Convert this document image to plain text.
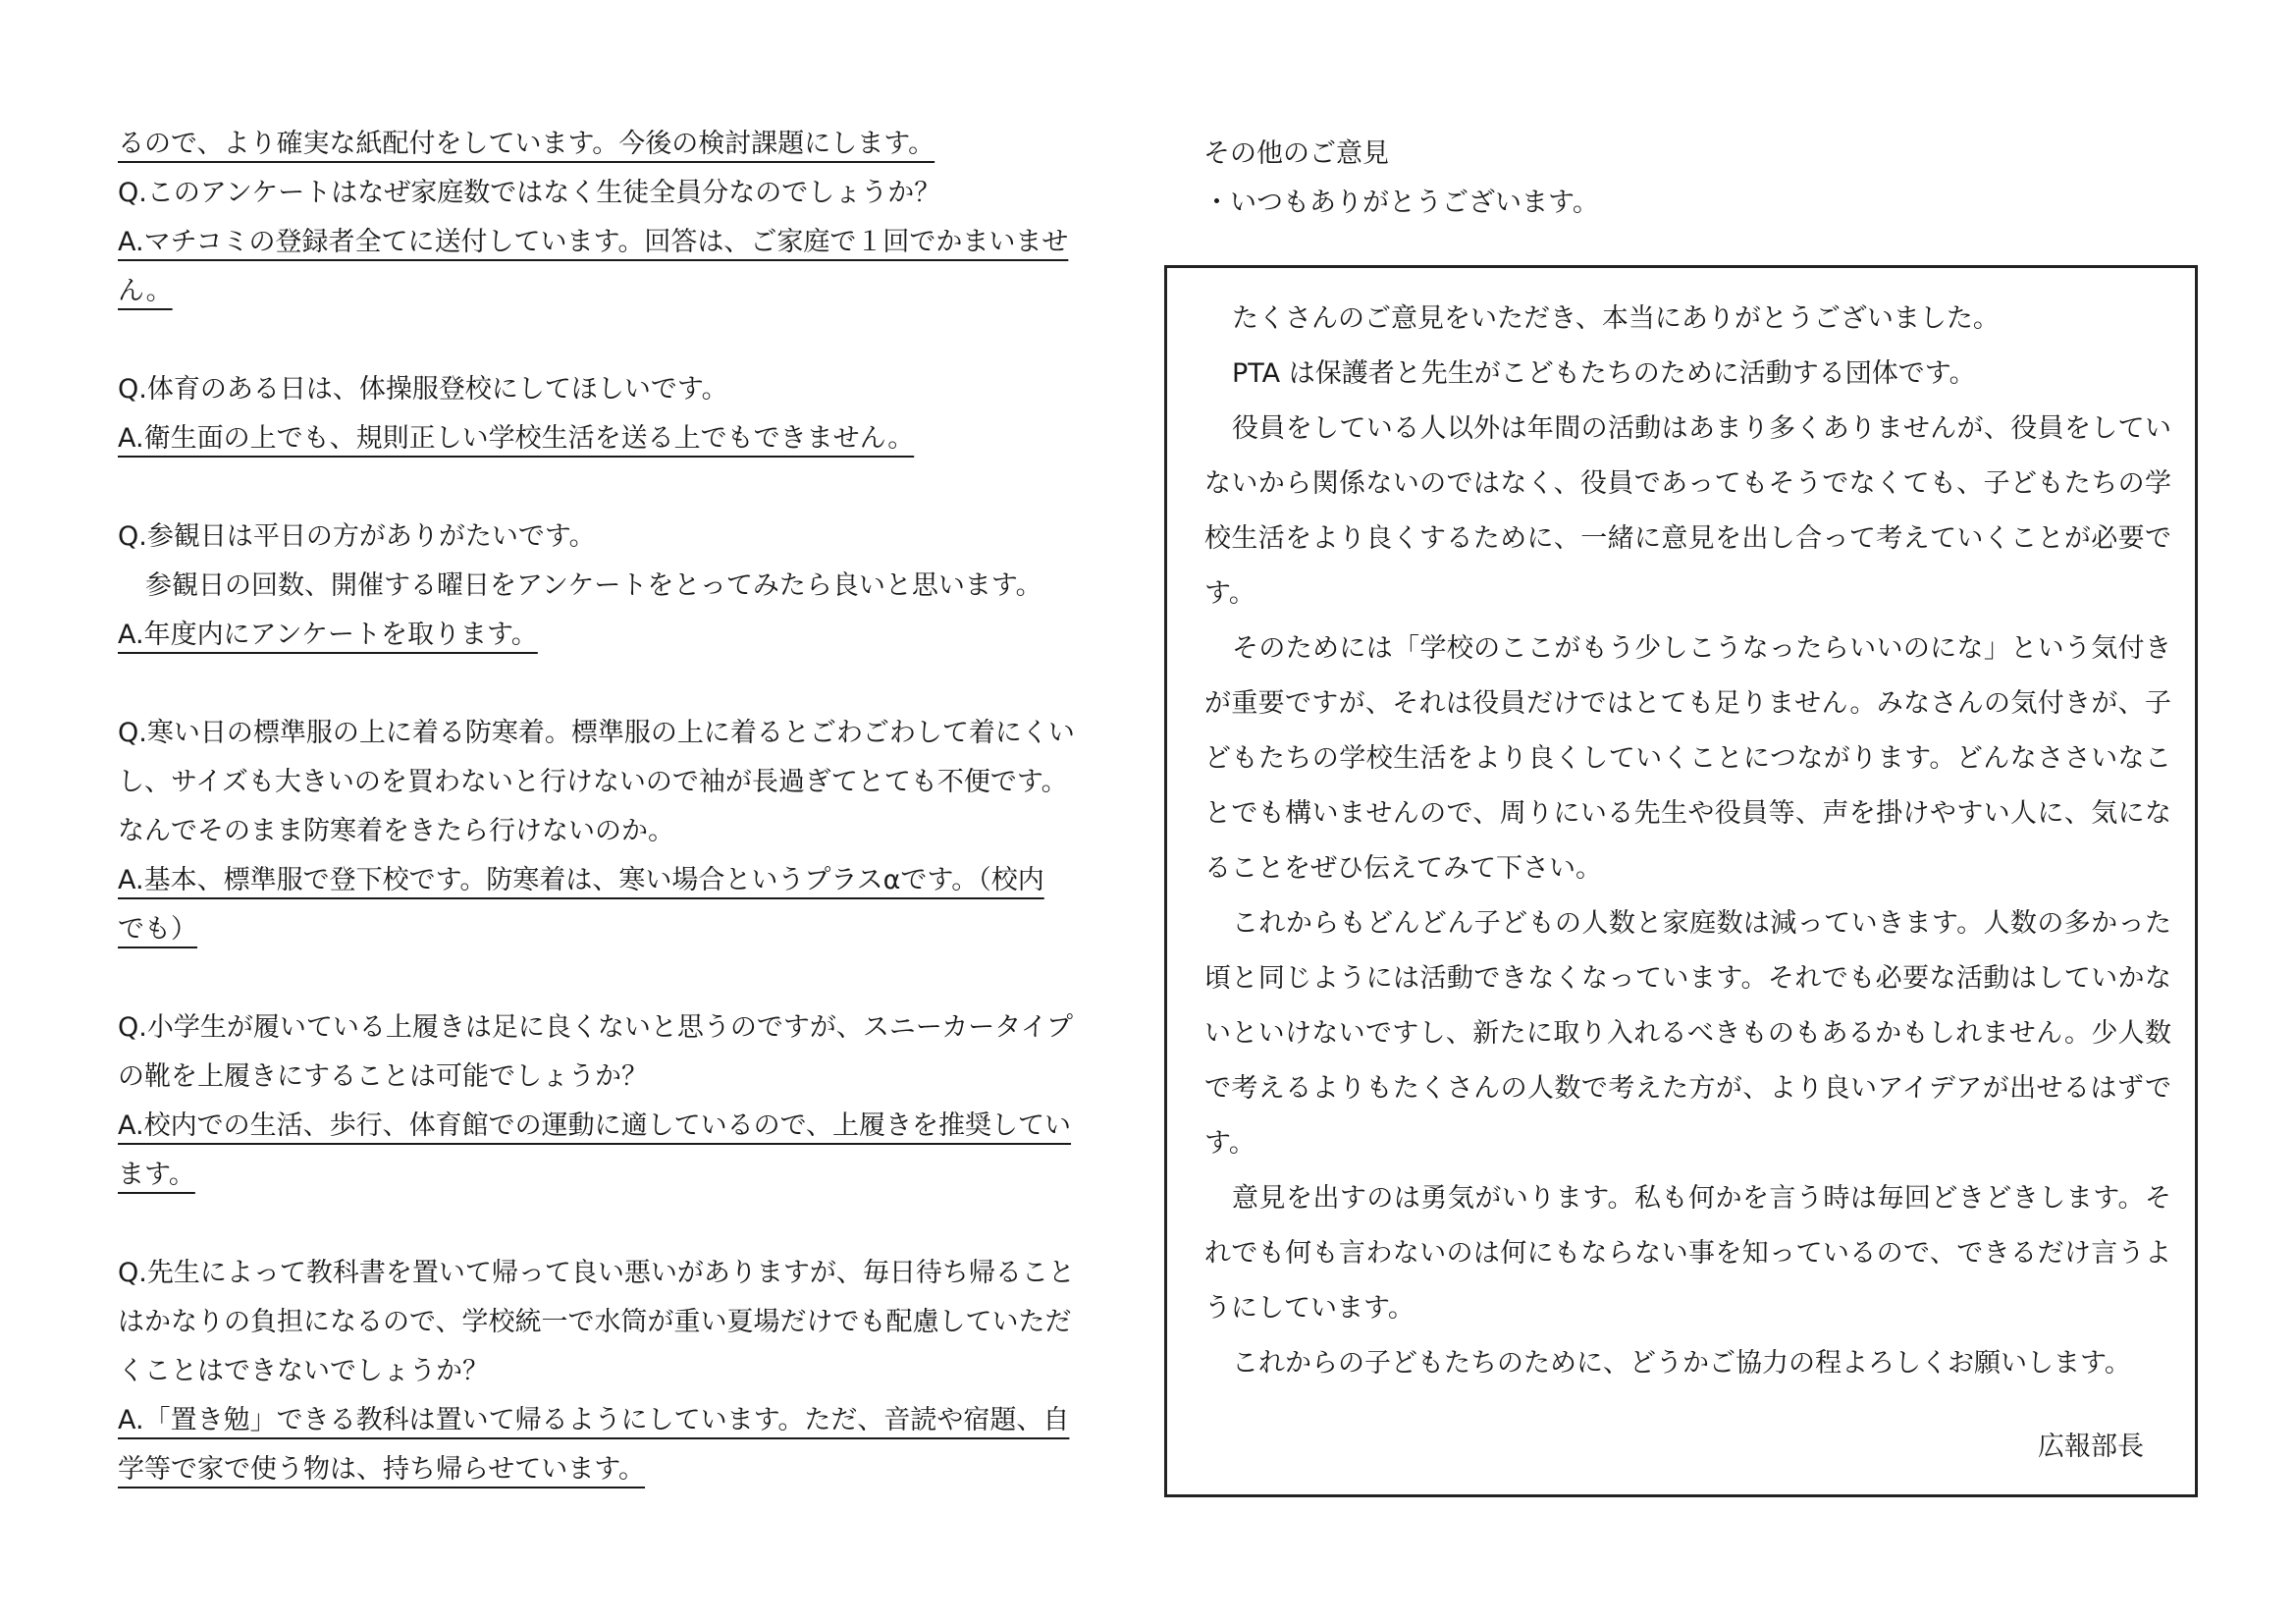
るので、より確実な紙配付をしています。今後の検討課題にします。
Q.このアンケートはなぜ家庭数ではなく生徒全員分なのでしょうか？
A.マチコミの登録者全てに送付しています。回答は、ご家庭で１回でかまいませ
ん。
Q.体育のある日は、体操服登校にしてほしいです。
A.衛生面の上でも、規則正しい学校生活を送る上でもできません。
Q.参観日は平日の方がありがたいです。
参観日の回数、開催する曜日をアンケートをとってみたら良いと思います。
A.年度内にアンケートを取ります。
Q.寒い日の標準服の上に着る防寒着。標準服の上に着るとごわごわして着にくい
し、サイズも大きいのを買わないと行けないので袖が長過ぎてとても不便です。
なんでそのまま防寒着をきたら行けないのか。
A.基本、標準服で登下校です。防寒着は、寒い場合というプラスαです。（校内
でも）
Q.小学生が履いている上履きは足に良くないと思うのですが、スニーカータイプ
の靴を上履きにすることは可能でしょうか？
A.校内での生活、歩行、体育館での運動に適しているので、上履きを推奨してい
ます。
Q.先生によって教科書を置いて帰って良い悪いがありますが、毎日待ち帰ること
はかなりの負担になるので、学校統一で水筒が重い夏場だけでも配慮していただ
くことはできないでしょうか？
A.「置き勉」できる教科は置いて帰るようにしています。ただ、音読や宿題、自
学等で家で使う物は、持ち帰らせています。
その他のご意見
・いつもありがとうございます。

たくさんのご意見をいただき、本当にありがとうございました。

PTA は保護者と先生がこどもたちのために活動する団体です。

役員をしている人以外は年間の活動はあまり多くありませんが、役員をしていないから関係ないのではなく、役員であってもそうでなくても、子どもたちの学校生活をより良くするために、一緒に意見を出し合って考えていくことが必要です。

そのためには「学校のここがもう少しこうなったらいいのにな」という気付きが重要ですが、それは役員だけではとても足りません。みなさんの気付きが、子どもたちの学校生活をより良くしていくことにつながります。どんなささいなことでも構いませんので、周りにいる先生や役員等、声を掛けやすい人に、気になることをぜひ伝えてみて下さい。

これからもどんどん子どもの人数と家庭数は減っていきます。人数の多かった頃と同じようには活動できなくなっています。それでも必要な活動はしていかないといけないですし、新たに取り入れるべきものもあるかもしれません。少人数で考えるよりもたくさんの人数で考えた方が、より良いアイデアが出せるはずです。

意見を出すのは勇気がいります。私も何かを言う時は毎回どきどきします。それでも何も言わないのは何にもならない事を知っているので、できるだけ言うようにしています。

これからの子どもたちのために、どうかご協力の程よろしくお願いします。

広報部長
